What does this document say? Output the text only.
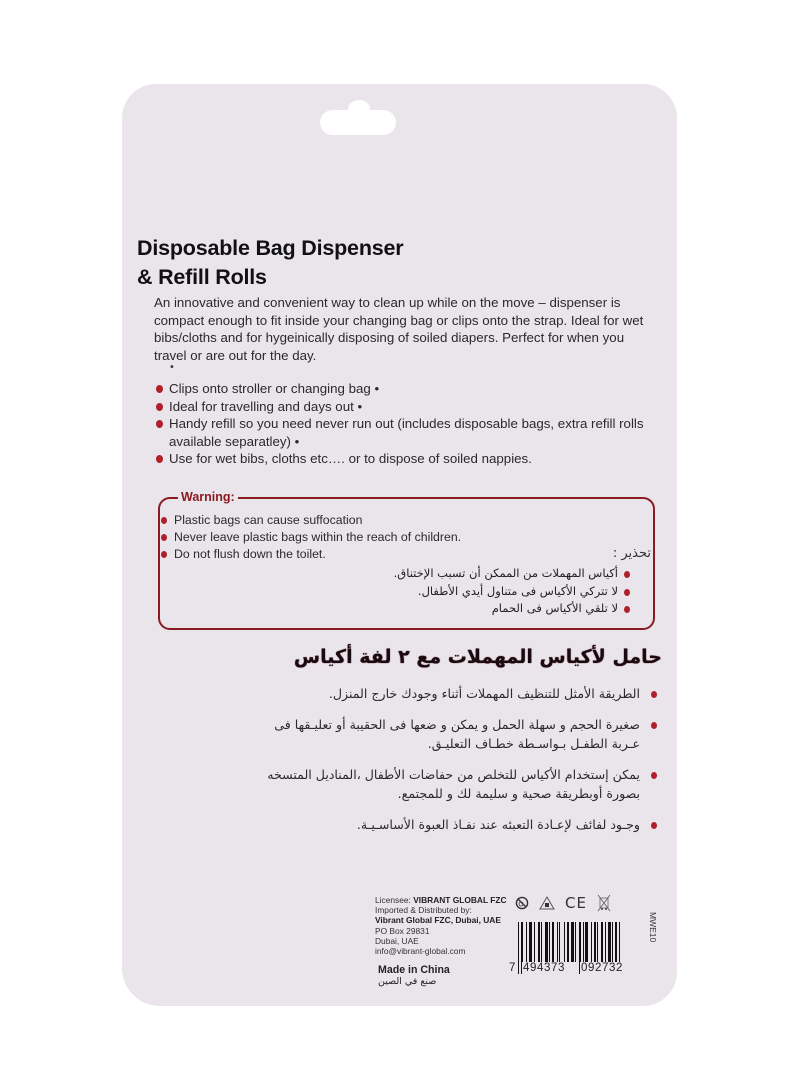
Disposable Bag Dispenser
& Refill Rolls
An innovative and convenient way to clean up while on the move – dispenser is compact enough to fit inside your changing bag or clips onto the strap. Ideal for wet bibs/cloths and for hygeinically disposing of soiled diapers. Perfect for when you travel or are out for the day.
•
Clips onto stroller or changing bag •
Ideal for travelling and days out •
Handy refill so you need never run out (includes disposable bags, extra refill rolls available separatley) •
Use for wet bibs, cloths etc…. or to dispose of soiled nappies.
Warning:
Plastic bags can cause suffocation
Never leave plastic bags within the reach of children.
Do not flush down the toilet.	تحذير :
أكياس المهملات من الممكن أن تسبب الإختناق.
لا تتركي الأكياس فى متناول أيدي الأطفال.
لا تلقي الأكياس فى الحمام
حامل لأكياس المهملات مع ٢ لفة أكياس
الطريقة الأمثل للتنظيف المهملات أثناء وجودك خارج المنزل.
صغيرة الحجم و سهلة الحمل و يمكن و ضعها فى الحقيبة أو تعليـقها فى عـربة الطفـل بـواسـطة خطـاف التعليـق.
يمكن إستخدام الأكياس للتخلص من حفاضات الأطفال ،المناديل المتسخه بصورة أوبطريقة صحية و سليمة لك و للمجتمع.
وجـود لفائف لإعـادة التعبئه عند نفـاذ العبوة الأساسـيـة.
Licensee: VIBRANT GLOBAL FZC
Imported & Distributed by:
Vibrant Global FZC, Dubai, UAE
PO Box 29831
Dubai, UAE
info@vibrant-global.com
Made in China
صنع في الصين
CE
7 494373 092732
MWE10
